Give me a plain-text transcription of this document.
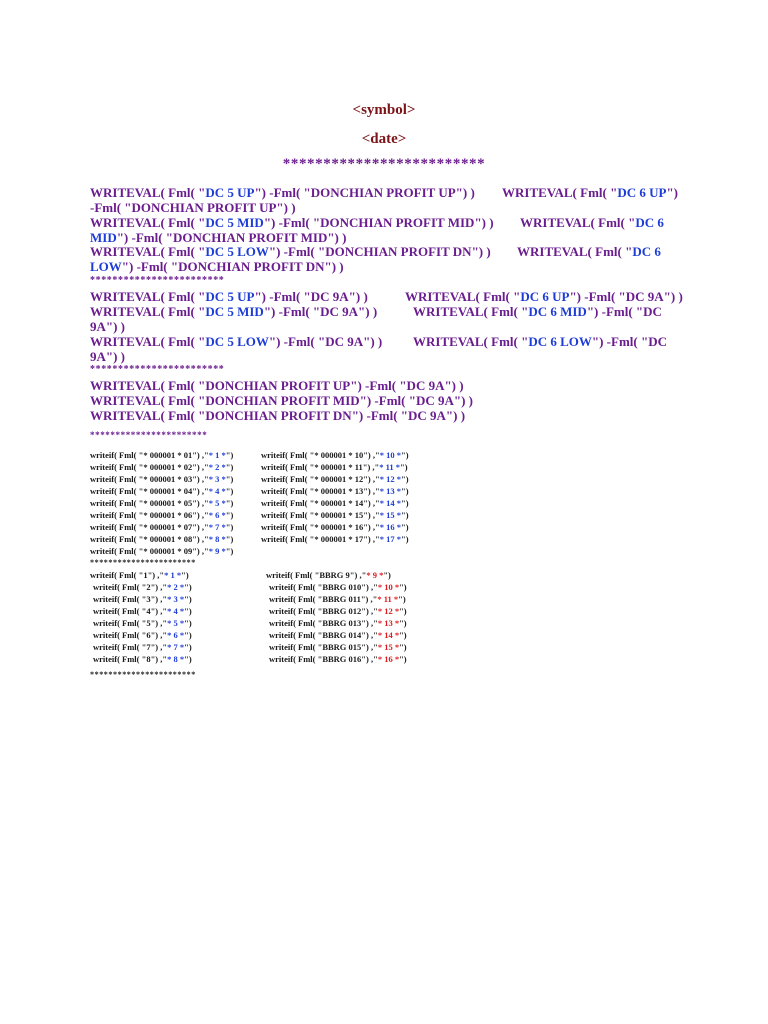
<symbol>
<date>
*************************
************************
************************
***********************
***********************
***********************
WRITEVAL( Fml( "DC 5 UP") -Fml( "DONCHIAN PROFIT UP") ) WRITEVAL( Fml( "DC 6 UP")
-Fml( "DONCHIAN PROFIT UP") )
WRITEVAL( Fml( "DC 5 MID") -Fml( "DONCHIAN PROFIT MID") ) WRITEVAL( Fml( "DC 6
MID") -Fml( "DONCHIAN PROFIT MID") )
WRITEVAL( Fml( "DC 5 LOW") -Fml( "DONCHIAN PROFIT DN") ) WRITEVAL( Fml( "DC 6
LOW") -Fml( "DONCHIAN PROFIT DN") )
WRITEVAL( Fml( "DC 5 UP") -Fml( "DC 9A") )	WRITEVAL( Fml( "DC 6 UP") -Fml( "DC 9A") )
WRITEVAL( Fml( "DC 5 MID") -Fml( "DC 9A") )	WRITEVAL( Fml( "DC 6 MID") -Fml( "DC
9A") )
WRITEVAL( Fml( "DC 5 LOW") -Fml( "DC 9A") ) WRITEVAL( Fml( "DC 6 LOW") -Fml( "DC
9A") )
WRITEVAL( Fml( "DONCHIAN PROFIT UP") -Fml( "DC 9A") )
WRITEVAL( Fml( "DONCHIAN PROFIT MID") -Fml( "DC 9A") )
WRITEVAL( Fml( "DONCHIAN PROFIT DN") -Fml( "DC 9A") )
writeif( Fml( "* 000001 * 01") ,"* 1 *")	writeif( Fml( "* 000001 * 10") ,"* 10 *")
writeif( Fml( "* 000001 * 02") ,"* 2 *")	writeif( Fml( "* 000001 * 11") ,"* 11 *")
writeif( Fml( "* 000001 * 03") ,"* 3 *")	writeif( Fml( "* 000001 * 12") ,"* 12 *")
writeif( Fml( "* 000001 * 04") ,"* 4 *")	writeif( Fml( "* 000001 * 13") ,"* 13 *")
writeif( Fml( "* 000001 * 05") ,"* 5 *")	writeif( Fml( "* 000001 * 14") ,"* 14 *")
writeif( Fml( "* 000001 * 06") ,"* 6 *")	writeif( Fml( "* 000001 * 15") ,"* 15 *")
writeif( Fml( "* 000001 * 07") ,"* 7 *")	writeif( Fml( "* 000001 * 16") ,"* 16 *")
writeif( Fml( "* 000001 * 08") ,"* 8 *")	writeif( Fml( "* 000001 * 17") ,"* 17 *")
writeif( Fml( "* 000001 * 09") ,"* 9 *")
writeif( Fml( "1") ,"* 1 *")	writeif( Fml( "BBRG 9") ,"* 9 *")
writeif( Fml( "2") ,"* 2 *")	writeif( Fml( "BBRG 010") ,"* 10 *")
writeif( Fml( "3") ,"* 3 *")	writeif( Fml( "BBRG 011") ,"* 11 *")
writeif( Fml( "4") ,"* 4 *")	writeif( Fml( "BBRG 012") ,"* 12 *")
writeif( Fml( "5") ,"* 5 *")	writeif( Fml( "BBRG 013") ,"* 13 *")
writeif( Fml( "6") ,"* 6 *")	writeif( Fml( "BBRG 014") ,"* 14 *")
writeif( Fml( "7") ,"* 7 *")	writeif( Fml( "BBRG 015") ,"* 15 *")
writeif( Fml( "8") ,"* 8 *")	writeif( Fml( "BBRG 016") ,"* 16 *")
